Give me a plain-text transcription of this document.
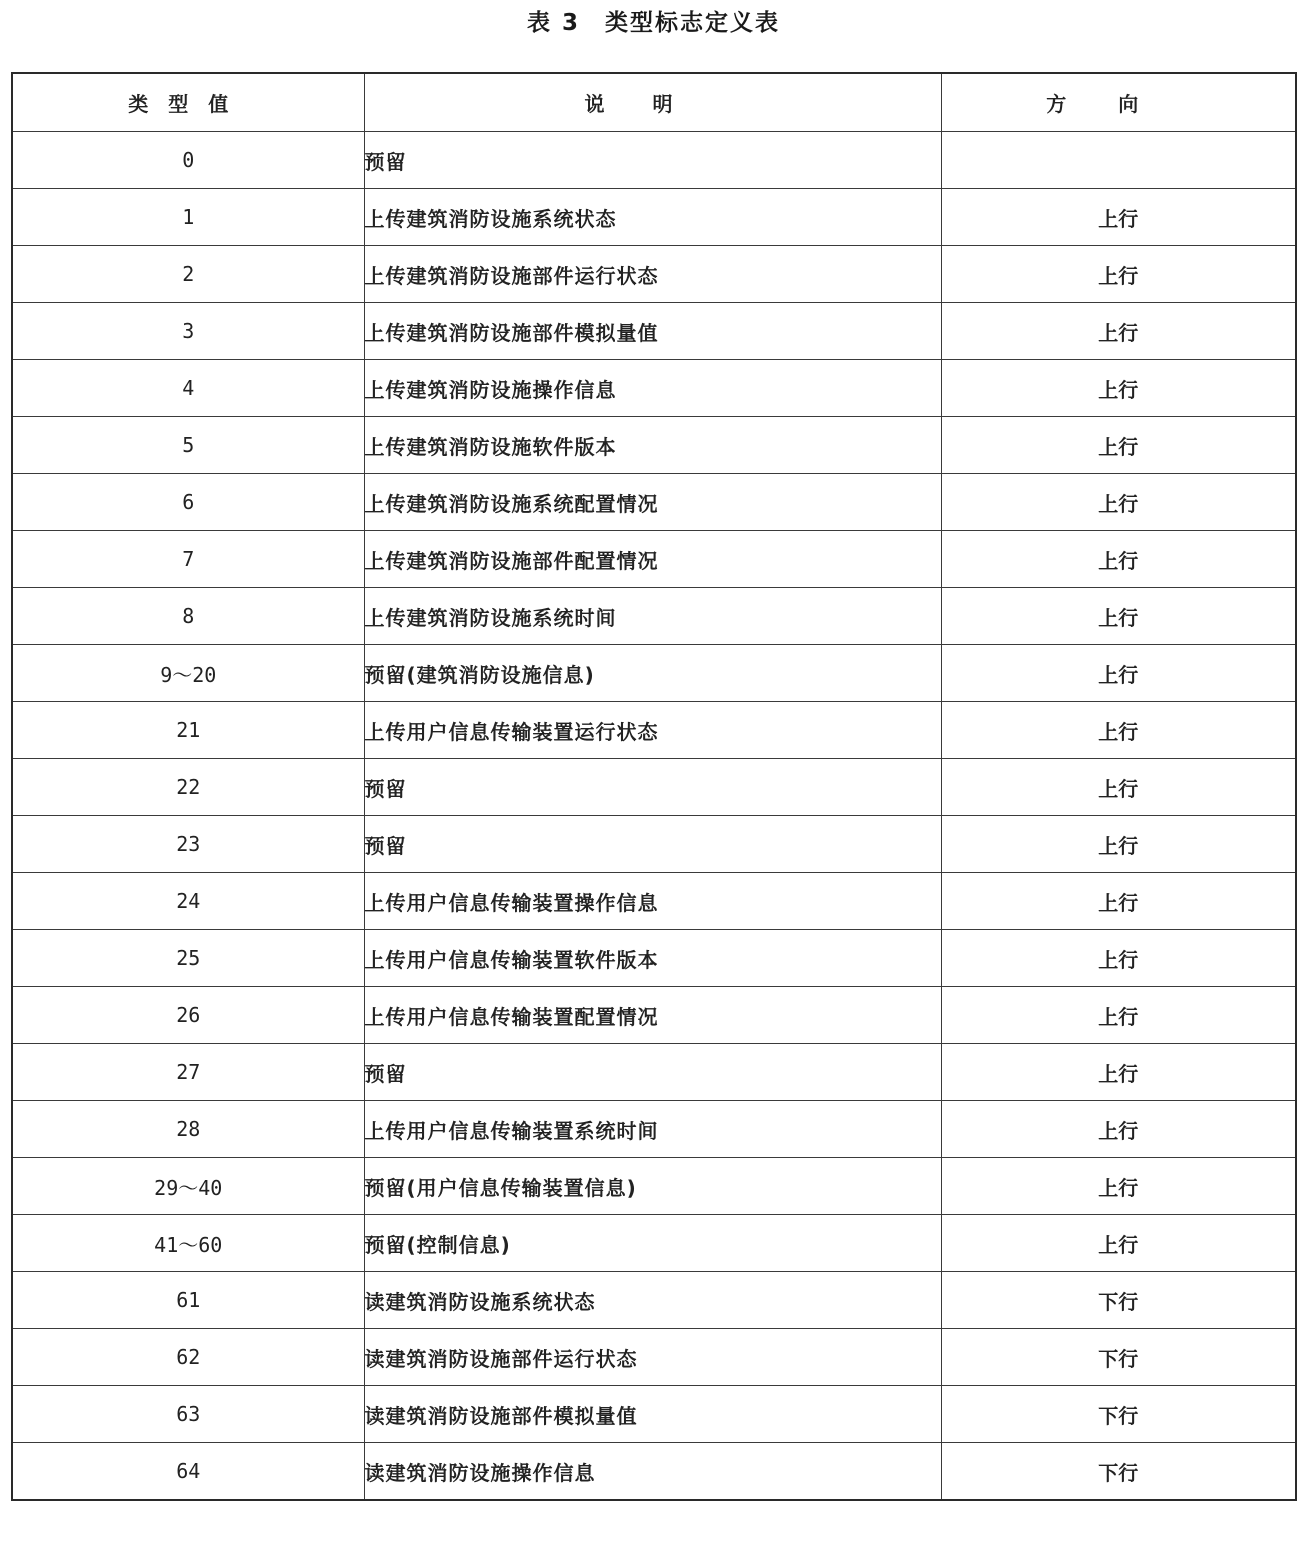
表 3　类型标志定义表
类型值	说明	方向
0	预留	
1	上传建筑消防设施系统状态	上行
2	上传建筑消防设施部件运行状态	上行
3	上传建筑消防设施部件模拟量值	上行
4	上传建筑消防设施操作信息	上行
5	上传建筑消防设施软件版本	上行
6	上传建筑消防设施系统配置情况	上行
7	上传建筑消防设施部件配置情况	上行
8	上传建筑消防设施系统时间	上行
9～20	预留(建筑消防设施信息)	上行
21	上传用户信息传输装置运行状态	上行
22	预留	上行
23	预留	上行
24	上传用户信息传输装置操作信息	上行
25	上传用户信息传输装置软件版本	上行
26	上传用户信息传输装置配置情况	上行
27	预留	上行
28	上传用户信息传输装置系统时间	上行
29～40	预留(用户信息传输装置信息)	上行
41～60	预留(控制信息)	上行
61	读建筑消防设施系统状态	下行
62	读建筑消防设施部件运行状态	下行
63	读建筑消防设施部件模拟量值	下行
64	读建筑消防设施操作信息	下行
